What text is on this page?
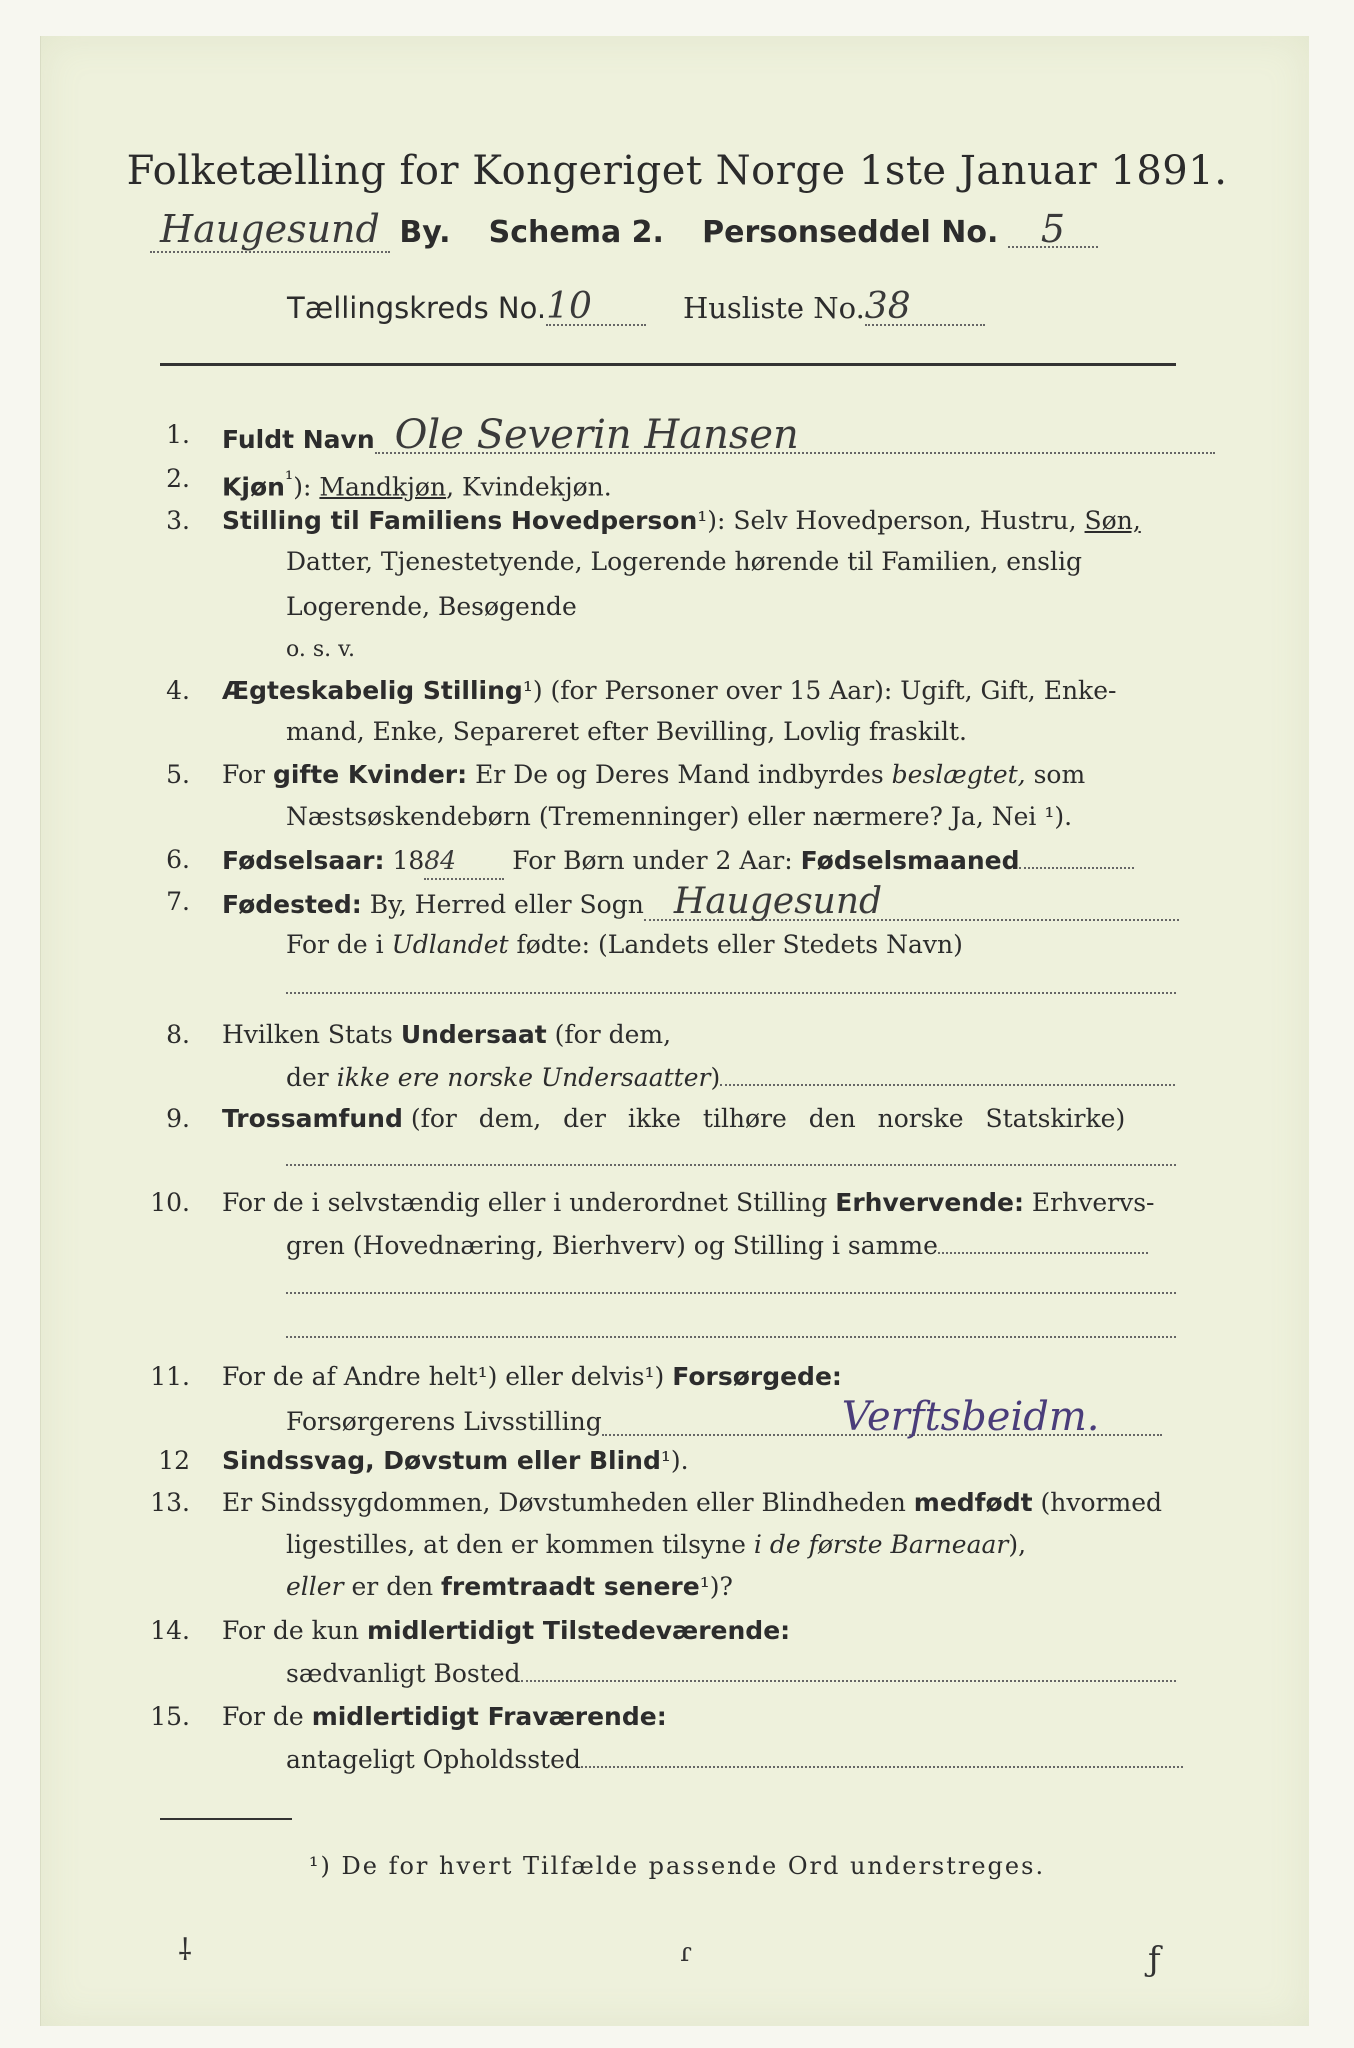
Folketælling for Kongeriget Norge 1ste Januar 1891.
Haugesund By. Schema 2. Personseddel No. 5
Tællingskreds No.10	Husliste No.38
1. Fuldt Navn Ole Severin Hansen
2. Kjøn$^{^1}$): Mandkjøn, Kvindekjøn.
3. Stilling til Familiens Hovedperson¹): Selv Hovedperson, Hustru, Søn,
Datter, Tjenestetyende, Logerende hørende til Familien, enslig
Logerende, Besøgende
o. s. v.
4. Ægteskabelig Stilling¹) (for Personer over 15 Aar): Ugift, Gift, Enke-
mand, Enke, Separeret efter Bevilling, Lovlig fraskilt.
5. For gifte Kvinder: Er De og Deres Mand indbyrdes beslægtet, som
Næstsøskendebørn (Tremenninger) eller nærmere? Ja, Nei ¹).
6. Fødselsaar: 1884 For Børn under 2 Aar: Fødselsmaaned
7. Fødested: By, Herred eller Sogn Haugesund
For de i Udlandet fødte: (Landets eller Stedets Navn)
8. Hvilken Stats Undersaat (for dem,
der ikke ere norske Undersaatter)
9. Trossamfund (for dem, der ikke tilhøre den norske Statskirke)
10. For de i selvstændig eller i underordnet Stilling Erhvervende: Erhvervs-
gren (Hovednæring, Bierhverv) og Stilling i samme
11. For de af Andre helt¹) eller delvis¹) Forsørgede:
Forsørgerens Livsstilling	Verftsbeidm.
12 Sindssvag, Døvstum eller Blind¹).
13. Er Sindssygdommen, Døvstumheden eller Blindheden medfødt (hvormed
ligestilles, at den er kommen tilsyne i de første Barneaar),
eller er den fremtraadt senere¹)?
14. For de kun midlertidigt Tilstedeværende:
sædvanligt Bosted
15. For de midlertidigt Fraværende:
antageligt Opholdssted
¹) De for hvert Tilfælde passende Ord understreges.
⸸	ɾ	ƒ
